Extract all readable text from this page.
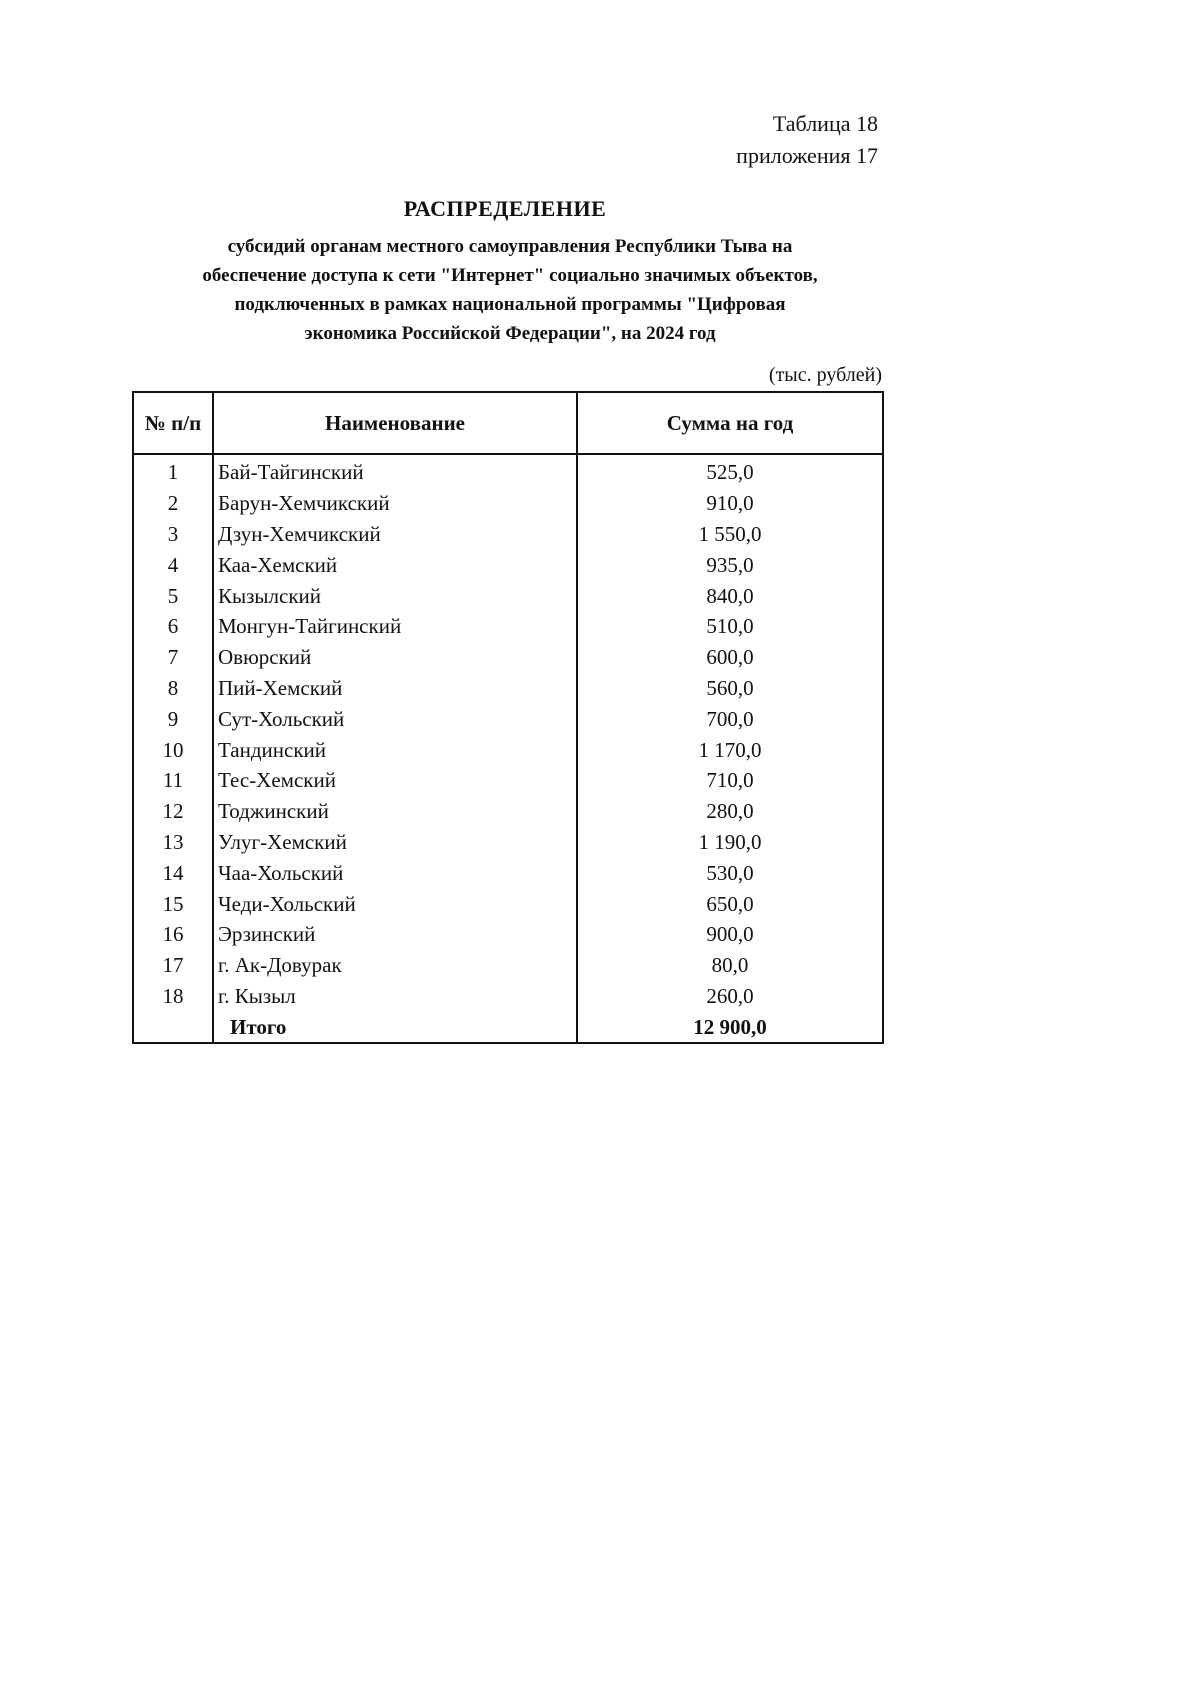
Таблица 18
приложения 17
РАСПРЕДЕЛЕНИЕ
субсидий органам местного самоуправления Республики Тыва на
обеспечение доступа к сети "Интернет" социально значимых объектов,
подключенных в рамках национальной программы "Цифровая
экономика Российской Федерации", на 2024 год
(тыс. рублей)
№ п/п	Наименование	Сумма на год
1	Бай-Тайгинский	525,0
2	Барун-Хемчикский	910,0
3	Дзун-Хемчикский	1 550,0
4	Каа-Хемский	935,0
5	Кызылский	840,0
6	Монгун-Тайгинский	510,0
7	Овюрский	600,0
8	Пий-Хемский	560,0
9	Сут-Хольский	700,0
10	Тандинский	1 170,0
11	Тес-Хемский	710,0
12	Тоджинский	280,0
13	Улуг-Хемский	1 190,0
14	Чаа-Хольский	530,0
15	Чеди-Хольский	650,0
16	Эрзинский	900,0
17	г. Ак-Довурак	80,0
18	г. Кызыл	260,0
	Итого	12 900,0
